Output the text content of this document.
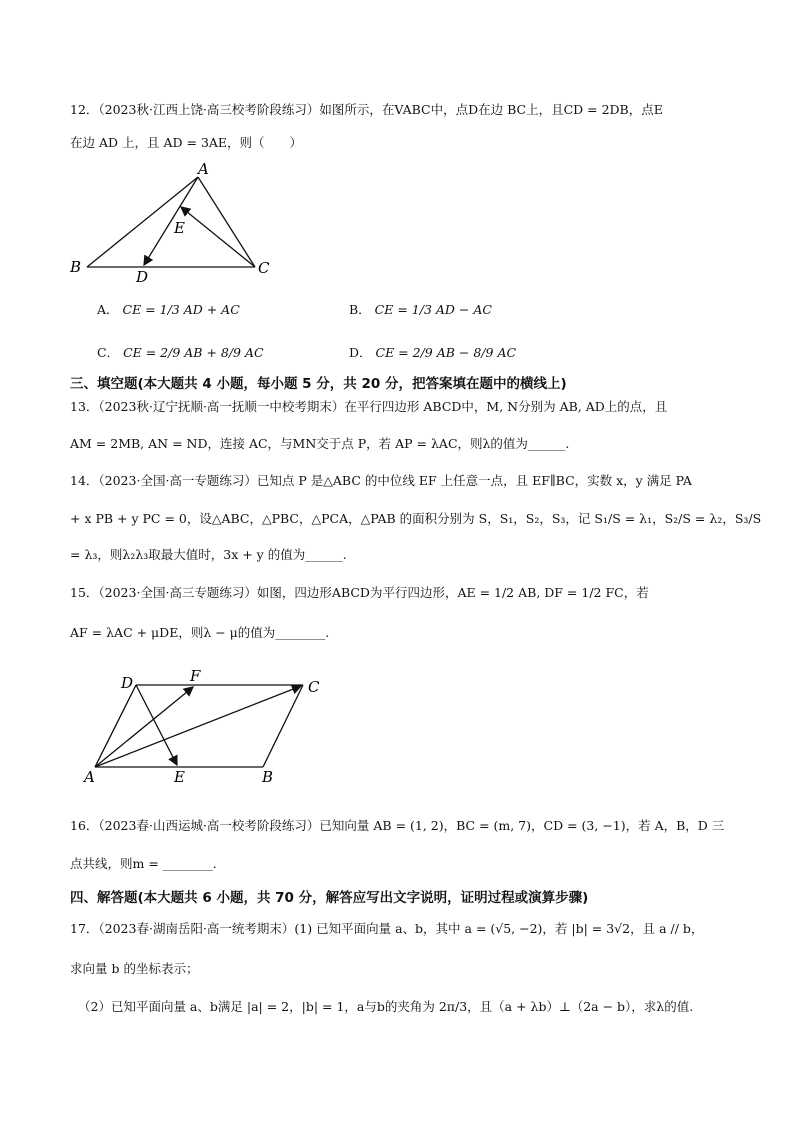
12．（2023秋·江西上饶·高三校考阶段练习）如图所示，在VABC中，点D在边 BC上，且CD = 2DB，点E
在边 AD 上，且 AD = 3AE，则（　　）
A
B	C
D
E
A． CE = 1/3 AD + AC	B． CE = 1/3 AD − AC
C． CE = 2/9 AB + 8/9 AC	D． CE = 2/9 AB − 8/9 AC
三、填空题(本大题共 4 小题，每小题 5 分，共 20 分，把答案填在题中的横线上)
13．（2023秋·辽宁抚顺·高一抚顺一中校考期末）在平行四边形 ABCD中，M, N分别为 AB, AD上的点，且
AM = 2MB, AN = ND，连接 AC，与MN交于点 P，若 AP = λAC，则λ的值为______.
14．（2023·全国·高一专题练习）已知点 P 是△ABC 的中位线 EF 上任意一点，且 EF∥BC，实数 x，y 满足 PA
+ x PB + y PC = 0，设△ABC，△PBC，△PCA，△PAB 的面积分别为 S，S₁，S₂，S₃，记 S₁/S = λ₁，S₂/S = λ₂，S₃/S
= λ₃，则λ₂λ₃取最大值时，3x + y 的值为______.
15．（2023·全国·高三专题练习）如图，四边形ABCD为平行四边形，AE = 1/2 AB, DF = 1/2 FC，若
AF = λAC + μDE，则λ − μ的值为________.
A	B
C
D
E
F
16．（2023春·山西运城·高一校考阶段练习）已知向量 AB = (1, 2)，BC = (m, 7)，CD = (3, −1)，若 A，B，D 三
点共线，则m = ________.
四、解答题(本大题共 6 小题，共 70 分，解答应写出文字说明，证明过程或演算步骤)
17．（2023春·湖南岳阳·高一统考期末）(1) 已知平面向量 a、b，其中 a = (√5, −2)，若 |b| = 3√2，且 a // b，
求向量 b 的坐标表示；
（2）已知平面向量 a、b满足 |a| = 2，|b| = 1，a与b的夹角为 2π/3，且（a + λb）⊥（2a − b），求λ的值.
